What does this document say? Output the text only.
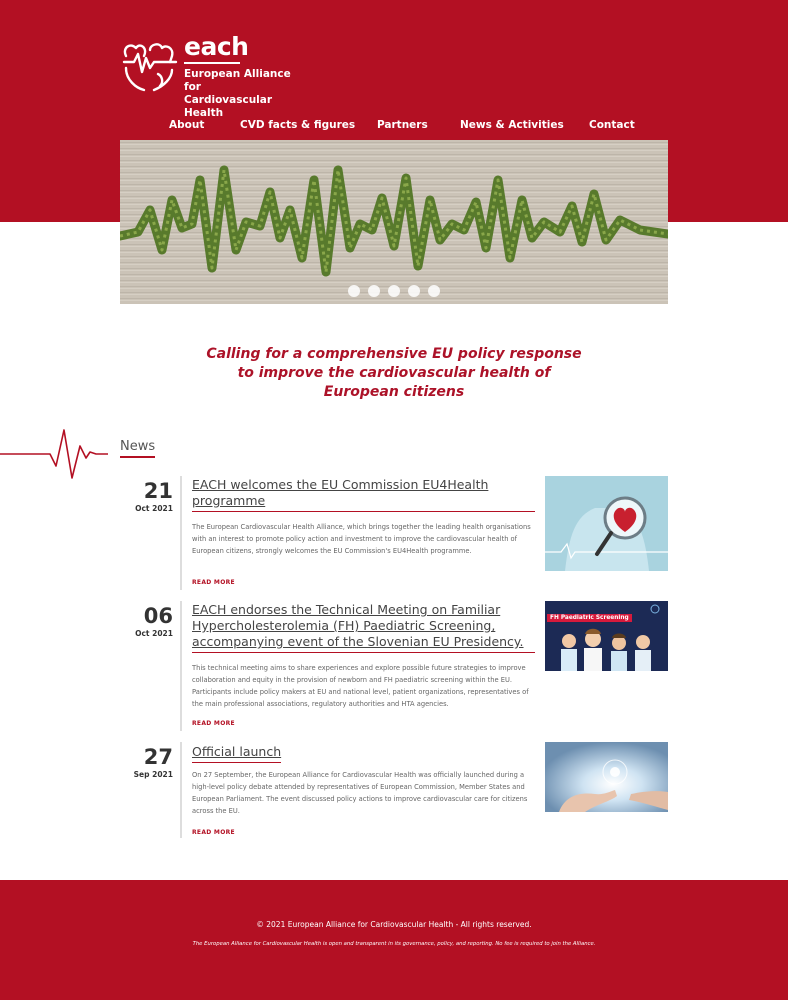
each
European Alliance for
Cardiovascular Health
About	CVD facts & figures Partners	News & Activities Contact
Calling for a comprehensive EU policy response to improve the cardiovascular health of European citizens
News
21
Oct 2021
EACH welcomes the EU Commission EU4Health programme
The European Cardiovascular Health Alliance, which brings together the leading health organisations with an interest to promote policy action and investment to improve the cardiovascular health of European citizens, strongly welcomes the EU Commission's EU4Health programme.
READ MORE
06
Oct 2021
EACH endorses the Technical Meeting on Familiar Hypercholesterolemia (FH) Paediatric Screening, accompanying event of the Slovenian EU Presidency.
This technical meeting aims to share experiences and explore possible future strategies to improve collaboration and equity in the provision of newborn and FH paediatric screening within the EU. Participants include policy makers at EU and national level, patient organizations, representatives of the main professional associations, regulatory authorities and HTA agencies.
READ MORE
FH Paediatric Screening
27
Sep 2021
Official launch
On 27 September, the European Alliance for Cardiovascular Health was officially launched during a high-level policy debate attended by representatives of European Commission, Member States and European Parliament. The event discussed policy actions to improve cardiovascular care for citizens across the EU.
READ MORE
© 2021 European Alliance for Cardiovascular Health - All rights reserved.
The European Alliance for Cardiovascular Health is open and transparent in its governance, policy, and reporting. No fee is required to join the Alliance.
